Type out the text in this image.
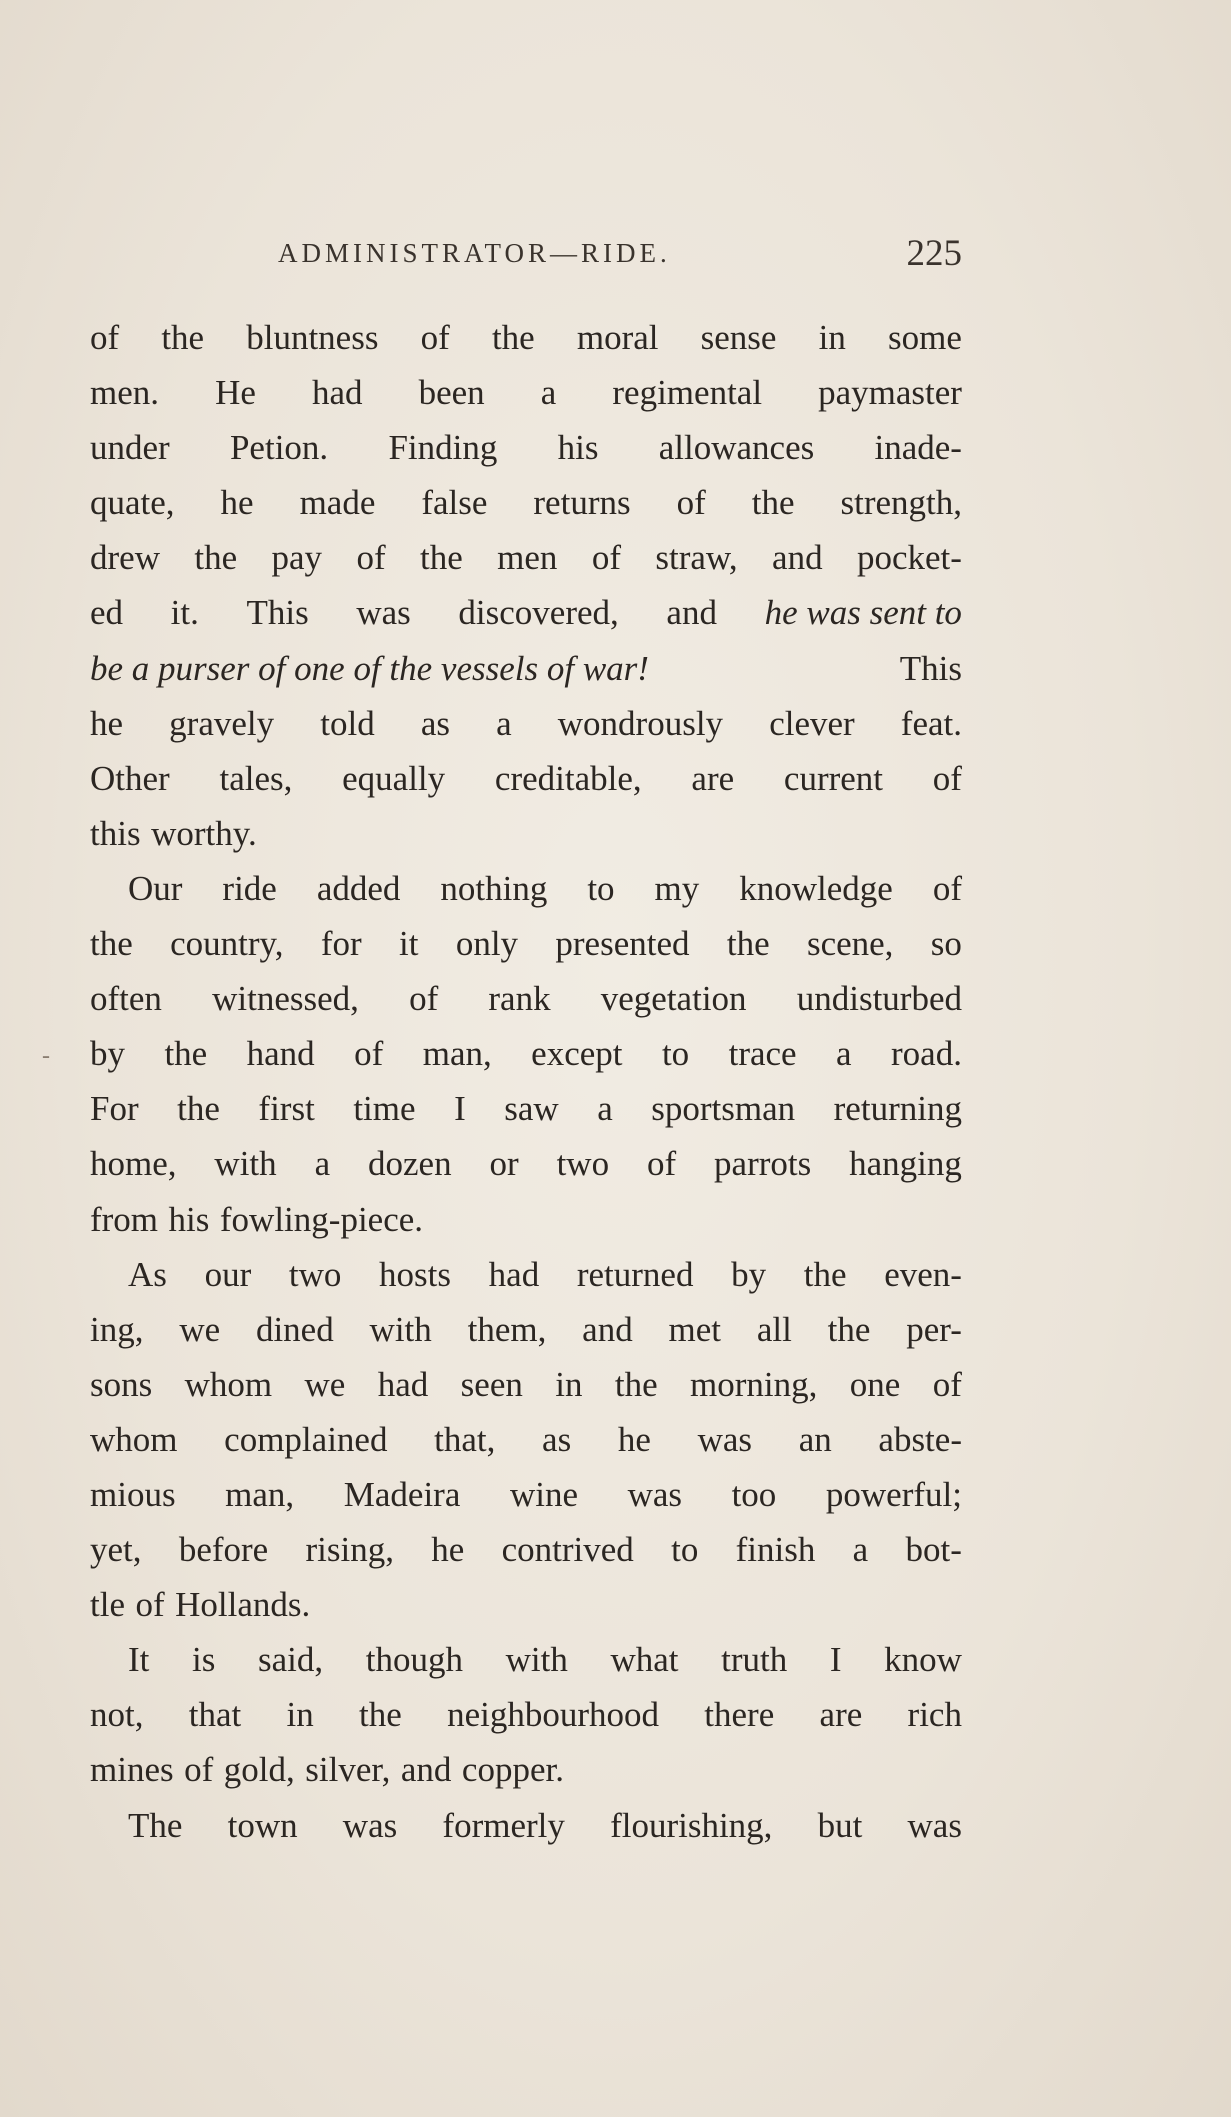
ADMINISTRATOR—RIDE.	225
of the bluntness of the moral sense in some
men. He had been a regimental paymaster
under Petion. Finding his allowances inade-
quate, he made false returns of the strength,
drew the pay of the men of straw, and pocket-
ed it. This was discovered, and he was sent to
be a purser of one of the vessels of war!	This
he gravely told as a wondrously clever feat.
Other tales, equally creditable, are current of
this worthy.
Our ride added nothing to my knowledge of
the country, for it only presented the scene, so
often witnessed, of rank vegetation undisturbed
by the hand of man, except to trace a road.
For the first time I saw a sportsman returning
home, with a dozen or two of parrots hanging
from his fowling-piece.
As our two hosts had returned by the even-
ing, we dined with them, and met all the per-
sons whom we had seen in the morning, one of
whom complained that, as he was an abste-
mious man, Madeira wine was too powerful;
yet, before rising, he contrived to finish a bot-
tle of Hollands.
It is said, though with what truth I know
not, that in the neighbourhood there are rich
mines of gold, silver, and copper.
The town was formerly flourishing, but was
-
